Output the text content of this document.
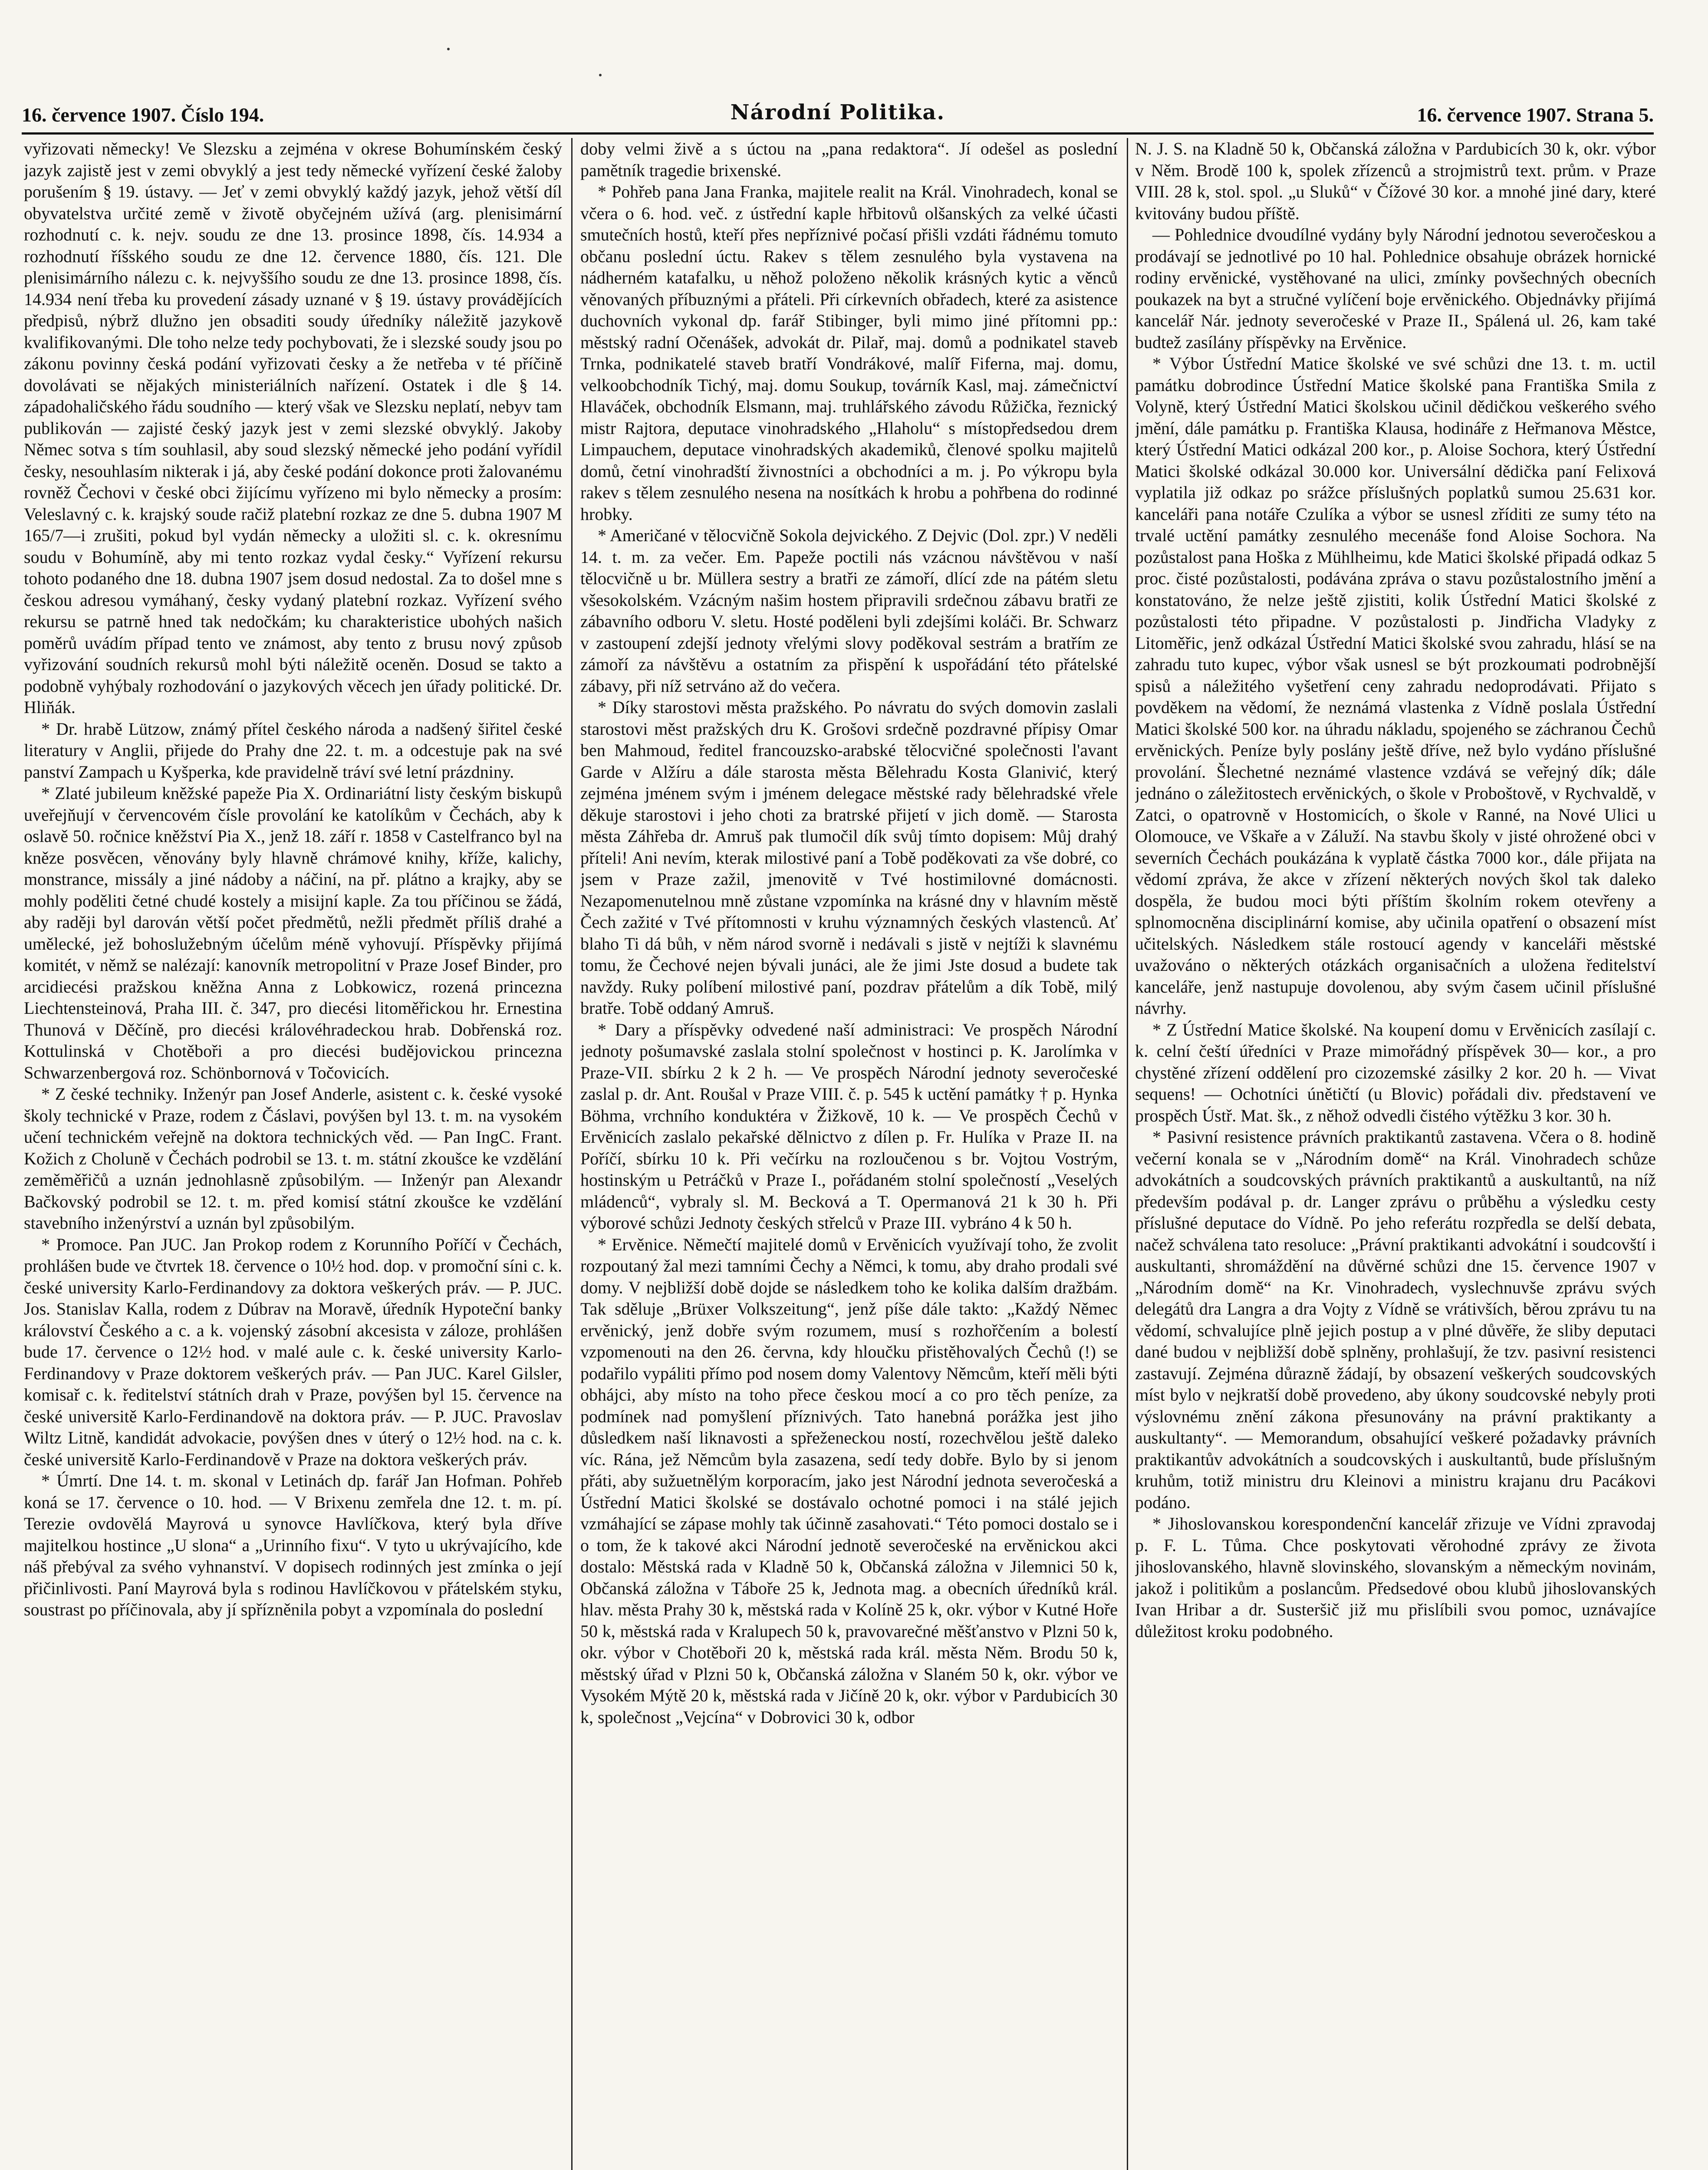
16. července 1907. Číslo 194.	Národní Politika.	16. července 1907. Strana 5.

vyřizovati německy! Ve Slezsku a zejména v okrese Bohumínském český jazyk zajistě jest v zemi obvyklý a jest tedy německé vyřízení české žaloby porušením § 19. ústavy. — Jeť v zemi obvyklý každý jazyk, jehož větší díl obyvatelstva určité země v životě obyčejném užívá (arg. plenisimární rozhodnutí c. k. nejv. soudu ze dne 13. prosince 1898, čís. 14.934 a rozhodnutí říšského soudu ze dne 12. července 1880, čís. 121. Dle plenisimárního nálezu c. k. nejvyššího soudu ze dne 13. prosince 1898, čís. 14.934 není třeba ku provedení zásady uznané v § 19. ústavy provádějících předpisů, nýbrž dlužno jen obsaditi soudy úředníky náležitě jazykově kvalifikovanými. Dle toho nelze tedy pochybovati, že i slezské soudy jsou po zákonu povinny česká podání vyřizovati česky a že netřeba v té příčině dovolávati se nějakých ministeriálních nařízení. Ostatek i dle § 14. západohaličského řádu soudního — který však ve Slezsku neplatí, nebyv tam publikován — zajisté český jazyk jest v zemi slezské obvyklý. Jakoby Němec sotva s tím souhlasil, aby soud slezský německé jeho podání vyřídil česky, nesouhlasím nikterak i já, aby české podání dokonce proti žalovanému rovněž Čechovi v české obci žijícímu vyřízeno mi bylo německy a prosím: Veleslavný c. k. krajský soude račiž platební rozkaz ze dne 5. dubna 1907 M 165/7—i zrušiti, pokud byl vydán německy a uložiti sl. c. k. okresnímu soudu v Bohumíně, aby mi tento rozkaz vydal česky.“ Vyřízení rekursu tohoto podaného dne 18. dubna 1907 jsem dosud nedostal. Za to došel mne s českou adresou vymáhaný, česky vydaný platební rozkaz. Vyřízení svého rekursu se patrně hned tak nedočkám; ku charakteristice ubohých našich poměrů uvádím případ tento ve známost, aby tento z brusu nový způsob vyřizování soudních rekursů mohl býti náležitě oceněn. Dosud se takto a podobně vyhýbaly rozhodování o jazykových věcech jen úřady politické. Dr. Hliňák.

* Dr. hrabě Lützow, známý přítel českého národa a nadšený šiřitel české literatury v Anglii, přijede do Prahy dne 22. t. m. a odcestuje pak na své panství Zampach u Kyšperka, kde pravidelně tráví své letní prázdniny.

* Zlaté jubileum kněžské papeže Pia X. Ordinariátní listy českým biskupů uveřejňují v červencovém čísle provolání ke katolíkům v Čechách, aby k oslavě 50. ročnice kněžství Pia X., jenž 18. září r. 1858 v Castelfranco byl na kněze posvěcen, věnovány byly hlavně chrámové knihy, kříže, kalichy, monstrance, missály a jiné nádoby a náčiní, na př. plátno a krajky, aby se mohly poděliti četné chudé kostely a misijní kaple. Za tou příčinou se žádá, aby raději byl darován větší počet předmětů, nežli předmět příliš drahé a umělecké, jež bohoslužebným účelům méně vyhovují. Příspěvky přijímá komitét, v němž se nalézají: kanovník metropolitní v Praze Josef Binder, pro arcidiecési pražskou kněžna Anna z Lobkowicz, rozená princezna Liechtensteinová, Praha III. č. 347, pro diecési litoměřickou hr. Ernestina Thunová v Děčíně, pro diecési královéhradeckou hrab. Dobřenská roz. Kottulinská v Chotěboři a pro diecési budějovickou princezna Schwarzenbergová roz. Schönbornová v Točovicích.

* Z české techniky. Inženýr pan Josef Anderle, asistent c. k. české vysoké školy technické v Praze, rodem z Čáslavi, povýšen byl 13. t. m. na vysokém učení technickém veřejně na doktora technických věd. — Pan IngC. Frant. Kožich z Choluně v Čechách podrobil se 13. t. m. státní zkoušce ke vzdělání zeměměřičů a uznán jednohlasně způsobilým. — Inženýr pan Alexandr Bačkovský podrobil se 12. t. m. před komisí státní zkoušce ke vzdělání stavebního inženýrství a uznán byl způsobilým.

* Promoce. Pan JUC. Jan Prokop rodem z Korunního Poříčí v Čechách, prohlášen bude ve čtvrtek 18. července o 10½ hod. dop. v promoční síni c. k. české university Karlo-Ferdinandovy za doktora veškerých práv. — P. JUC. Jos. Stanislav Kalla, rodem z Dúbrav na Moravě, úředník Hypoteční banky království Českého a c. a k. vojenský zásobní akcesista v záloze, prohlášen bude 17. července o 12½ hod. v malé aule c. k. české university Karlo-Ferdinandovy v Praze doktorem veškerých práv. — Pan JUC. Karel Gilsler, komisař c. k. ředitelství státních drah v Praze, povýšen byl 15. července na české universitě Karlo-Ferdinandově na doktora práv. — P. JUC. Pravoslav Wiltz Litně, kandidát advokacie, povýšen dnes v úterý o 12½ hod. na c. k. české universitě Karlo-Ferdinandově v Praze na doktora veškerých práv.

* Úmrtí. Dne 14. t. m. skonal v Letinách dp. farář Jan Hofman. Pohřeb koná se 17. července o 10. hod. — V Brixenu zemřela dne 12. t. m. pí. Terezie ovdovělá Mayrová u synovce Havlíčkova, který byla dříve majitelkou hostince „U slona“ a „Urinního fixu“. V tyto u ukrývajícího, kde náš přebýval za svého vyhnanství. V dopisech rodinných jest zmínka o její přičinlivosti. Paní Mayrová byla s rodinou Havlíčkovou v přátelském styku, soustrast po příčinovala, aby jí spřízněnila pobyt a vzpomínala do poslední

doby velmi živě a s úctou na „pana redaktora“. Jí odešel as poslední pamětník tragedie brixenské.

* Pohřeb pana Jana Franka, majitele realit na Král. Vinohradech, konal se včera o 6. hod. več. z ústřední kaple hřbitovů olšanských za velké účasti smutečních hostů, kteří přes nepříznivé počasí přišli vzdáti řádnému tomuto občanu poslední úctu. Rakev s tělem zesnulého byla vystavena na nádherném katafalku, u něhož položeno několik krásných kytic a věnců věnovaných příbuznými a přáteli. Při církevních obřadech, které za asistence duchovních vykonal dp. farář Stibinger, byli mimo jiné přítomni pp.: městský radní Očenášek, advokát dr. Pilař, maj. domů a podnikatel staveb Trnka, podnikatelé staveb bratří Vondrákové, malíř Fiferna, maj. domu, velkoobchodník Tichý, maj. domu Soukup, továrník Kasl, maj. zámečnictví Hlaváček, obchodník Elsmann, maj. truhlářského závodu Růžička, řeznický mistr Rajtora, deputace vinohradského „Hlaholu“ s místopředsedou drem Limpauchem, deputace vinohradských akademiků, členové spolku majitelů domů, četní vinohradští živnostníci a obchodníci a m. j. Po výkropu byla rakev s tělem zesnulého nesena na nosítkách k hrobu a pohřbena do rodinné hrobky.

* Američané v tělocvičně Sokola dejvického. Z Dejvic (Dol. zpr.) V neděli 14. t. m. za večer. Em. Papeže poctili nás vzácnou návštěvou v naší tělocvičně u br. Müllera sestry a bratři ze zámoří, dlící zde na pátém sletu všesokolském. Vzácným našim hostem připravili srdečnou zábavu bratři ze zábavního odboru V. sletu. Hosté poděleni byli zdejšími koláči. Br. Schwarz v zastoupení zdejší jednoty vřelými slovy poděkoval sestrám a bratřím ze zámoří za návštěvu a ostatním za přispění k uspořádání této přátelské zábavy, při níž setrváno až do večera.

* Díky starostovi města pražského. Po návratu do svých domovin zaslali starostovi měst pražských dru K. Grošovi srdečně pozdravné přípisy Omar ben Mahmoud, ředitel francouzsko-arabské tělocvičné společnosti l'avant Garde v Alžíru a dále starosta města Bělehradu Kosta Glanivić, který zejména jménem svým i jménem delegace městské rady bělehradské vřele děkuje starostovi i jeho choti za bratrské přijetí v jich domě. — Starosta města Záhřeba dr. Amruš pak tlumočil dík svůj tímto dopisem: Můj drahý příteli! Ani nevím, kterak milostivé paní a Tobě poděkovati za vše dobré, co jsem v Praze zažil, jmenovitě v Tvé hostimilovné domácnosti. Nezapomenutelnou mně zůstane vzpomínka na krásné dny v hlavním městě Čech zažité v Tvé přítomnosti v kruhu významných českých vlastenců. Ať blaho Ti dá bůh, v něm národ svorně i nedávali s jistě v nejtíži k slavnému tomu, že Čechové nejen bývali junáci, ale že jimi Jste dosud a budete tak navždy. Ruky políbení milostivé paní, pozdrav přátelům a dík Tobě, milý bratře. Tobě oddaný Amruš.

* Dary a příspěvky odvedené naší administraci: Ve prospěch Národní jednoty pošumavské zaslala stolní společnost v hostinci p. K. Jarolímka v Praze-VII. sbírku 2 k 2 h. — Ve prospěch Národní jednoty severočeské zaslal p. dr. Ant. Roušal v Praze VIII. č. p. 545 k uctění památky † p. Hynka Böhma, vrchního konduktéra v Žižkově, 10 k. — Ve prospěch Čechů v Ervěnicích zaslalo pekařské dělnictvo z dílen p. Fr. Hulíka v Praze II. na Poříčí, sbírku 10 k. Při večírku na rozloučenou s br. Vojtou Vostrým, hostinským u Petráčků v Praze I., pořádaném stolní společností „Veselých mládenců“, vybraly sl. M. Becková a T. Opermanová 21 k 30 h. Při výborové schůzi Jednoty českých střelců v Praze III. vybráno 4 k 50 h.

* Ervěnice. Němečtí majitelé domů v Ervěnicích využívají toho, že zvolit rozpoutaný žal mezi tamními Čechy a Němci, k tomu, aby draho prodali své domy. V nejbližší době dojde se následkem toho ke kolika dalším dražbám. Tak sděluje „Brüxer Volkszeitung“, jenž píše dále takto: „Každý Němec ervěnický, jenž dobře svým rozumem, musí s rozhořčením a bolestí vzpomenouti na den 26. června, kdy hloučku přistěhovalých Čechů (!) se podařilo vypáliti přímo pod nosem domy Valentovy Němcům, kteří měli býti obhájci, aby místo na toho přece českou mocí a co pro těch peníze, za podmínek nad pomyšlení příznivých. Tato hanebná porážka jest jiho důsledkem naší liknavosti a spřeženeckou ností, rozechvělou ještě daleko víc. Rána, jež Němcům byla zasazena, sedí tedy dobře. Bylo by si jenom přáti, aby sužuetnělým korporacím, jako jest Národní jednota severočeská a Ústřední Matici školské se dostávalo ochotné pomoci i na stálé jejich vzmáhající se zápase mohly tak účinně zasahovati.“ Této pomoci dostalo se i o tom, že k takové akci Národní jednotě severočeské na ervěnickou akci dostalo: Městská rada v Kladně 50 k, Občanská záložna v Jilemnici 50 k, Občanská záložna v Táboře 25 k, Jednota mag. a obecních úředníků král. hlav. města Prahy 30 k, městská rada v Kolíně 25 k, okr. výbor v Kutné Hoře 50 k, městská rada v Kralupech 50 k, pravovarečné měšťanstvo v Plzni 50 k, okr. výbor v Chotěboři 20 k, městská rada král. města Něm. Brodu 50 k, městský úřad v Plzni 50 k, Občanská záložna v Slaném 50 k, okr. výbor ve Vysokém Mýtě 20 k, městská rada v Jičíně 20 k, okr. výbor v Pardubicích 30 k, společnost „Vejcína“ v Dobrovici 30 k, odbor

N. J. S. na Kladně 50 k, Občanská záložna v Pardubicích 30 k, okr. výbor v Něm. Brodě 100 k, spolek zřízenců a strojmistrů text. prům. v Praze VIII. 28 k, stol. spol. „u Sluků“ v Čížové 30 kor. a mnohé jiné dary, které kvitovány budou příště.

— Pohlednice dvoudílné vydány byly Národní jednotou severočeskou a prodávají se jednotlivé po 10 hal. Pohlednice obsahuje obrázek hornické rodiny ervěnické, vystěhované na ulici, zmínky povšechných obecních poukazek na byt a stručné vylíčení boje ervěnického. Objednávky přijímá kancelář Nár. jednoty severočeské v Praze II., Spálená ul. 26, kam také budtež zasílány příspěvky na Ervěnice.

* Výbor Ústřední Matice školské ve své schůzi dne 13. t. m. uctil památku dobrodince Ústřední Matice školské pana Františka Smila z Volyně, který Ústřední Matici školskou učinil dědičkou veškerého svého jmění, dále památku p. Františka Klausa, hodináře z Heřmanova Městce, který Ústřední Matici odkázal 200 kor., p. Aloise Sochora, který Ústřední Matici školské odkázal 30.000 kor. Universální dědička paní Felixová vyplatila již odkaz po srážce příslušných poplatků sumou 25.631 kor. kanceláři pana notáře Czulíka a výbor se usnesl zříditi ze sumy této na trvalé uctění památky zesnulého mecenáše fond Aloise Sochora. Na pozůstalost pana Hoška z Mühlheimu, kde Matici školské připadá odkaz 5 proc. čisté pozůstalosti, podávána zpráva o stavu pozůstalostního jmění a konstatováno, že nelze ještě zjistiti, kolik Ústřední Matici školské z pozůstalosti této připadne. V pozůstalosti p. Jindřicha Vladyky z Litoměřic, jenž odkázal Ústřední Matici školské svou zahradu, hlásí se na zahradu tuto kupec, výbor však usnesl se být prozkoumati podrobnější spisů a náležitého vyšetření ceny zahradu nedoprodávati. Přijato s povděkem na vědomí, že neznámá vlastenka z Vídně poslala Ústřední Matici školské 500 kor. na úhradu nákladu, spojeného se záchranou Čechů ervěnických. Peníze byly poslány ještě dříve, než bylo vydáno příslušné provolání. Šlechetné neznámé vlastence vzdává se veřejný dík; dále jednáno o záležitostech ervěnických, o škole v Proboštově, v Rychvaldě, v Zatci, o opatrovně v Hostomicích, o škole v Ranné, na Nové Ulici u Olomouce, ve Vškaře a v Záluží. Na stavbu školy v jisté ohrožené obci v severních Čechách poukázána k vyplatě částka 7000 kor., dále přijata na vědomí zpráva, že akce v zřízení některých nových škol tak daleko dospěla, že budou moci býti příštím školním rokem otevřeny a splnomocněna disciplinární komise, aby učinila opatření o obsazení míst učitelských. Následkem stále rostoucí agendy v kanceláři městské uvažováno o některých otázkách organisačních a uložena ředitelství kanceláře, jenž nastupuje dovolenou, aby svým časem učinil příslušné návrhy.

* Z Ústřední Matice školské. Na koupení domu v Ervěnicích zasílají c. k. celní čeští úředníci v Praze mimořádný příspěvek 30— kor., a pro chystěné zřízení oddělení pro cizozemské zásilky 2 kor. 20 h. — Vivat sequens! — Ochotníci únětičtí (u Blovic) pořádali div. představení ve prospěch Ústř. Mat. šk., z něhož odvedli čistého výtěžku 3 kor. 30 h.

* Pasivní resistence právních praktikantů zastavena. Včera o 8. hodině večerní konala se v „Národním domě“ na Král. Vinohradech schůze advokátních a soudcovských právních praktikantů a auskultantů, na níž především podával p. dr. Langer zprávu o průběhu a výsledku cesty příslušné deputace do Vídně. Po jeho referátu rozpředla se delší debata, načež schválena tato resoluce: „Právní praktikanti advokátní i soudcovští i auskultanti, shromáždění na důvěrné schůzi dne 15. července 1907 v „Národním domě“ na Kr. Vinohradech, vyslechnuvše zprávu svých delegátů dra Langra a dra Vojty z Vídně se vrátivších, běrou zprávu tu na vědomí, schvalujíce plně jejich postup a v plné důvěře, že sliby deputaci dané budou v nejbližší době splněny, prohlašují, že tzv. pasivní resistenci zastavují. Zejména důrazně žádají, by obsazení veškerých soudcovských míst bylo v nejkratší době provedeno, aby úkony soudcovské nebyly proti výslovnému znění zákona přesunovány na právní praktikanty a auskultanty“. — Memorandum, obsahující veškeré požadavky právních praktikantův advokátních a soudcovských i auskultantů, bude příslušným kruhům, totiž ministru dru Kleinovi a ministru krajanu dru Pacákovi podáno.

* Jihoslovanskou korespondenční kancelář zřizuje ve Vídni zpravodaj p. F. L. Tůma. Chce poskytovati věrohodné zprávy ze života jihoslovanského, hlavně slovinského, slovanským a německým novinám, jakož i politikům a poslancům. Předsedové obou klubů jihoslovanských Ivan Hribar a dr. Susteršič již mu přislíbili svou pomoc, uznávajíce důležitost kroku podobného.
